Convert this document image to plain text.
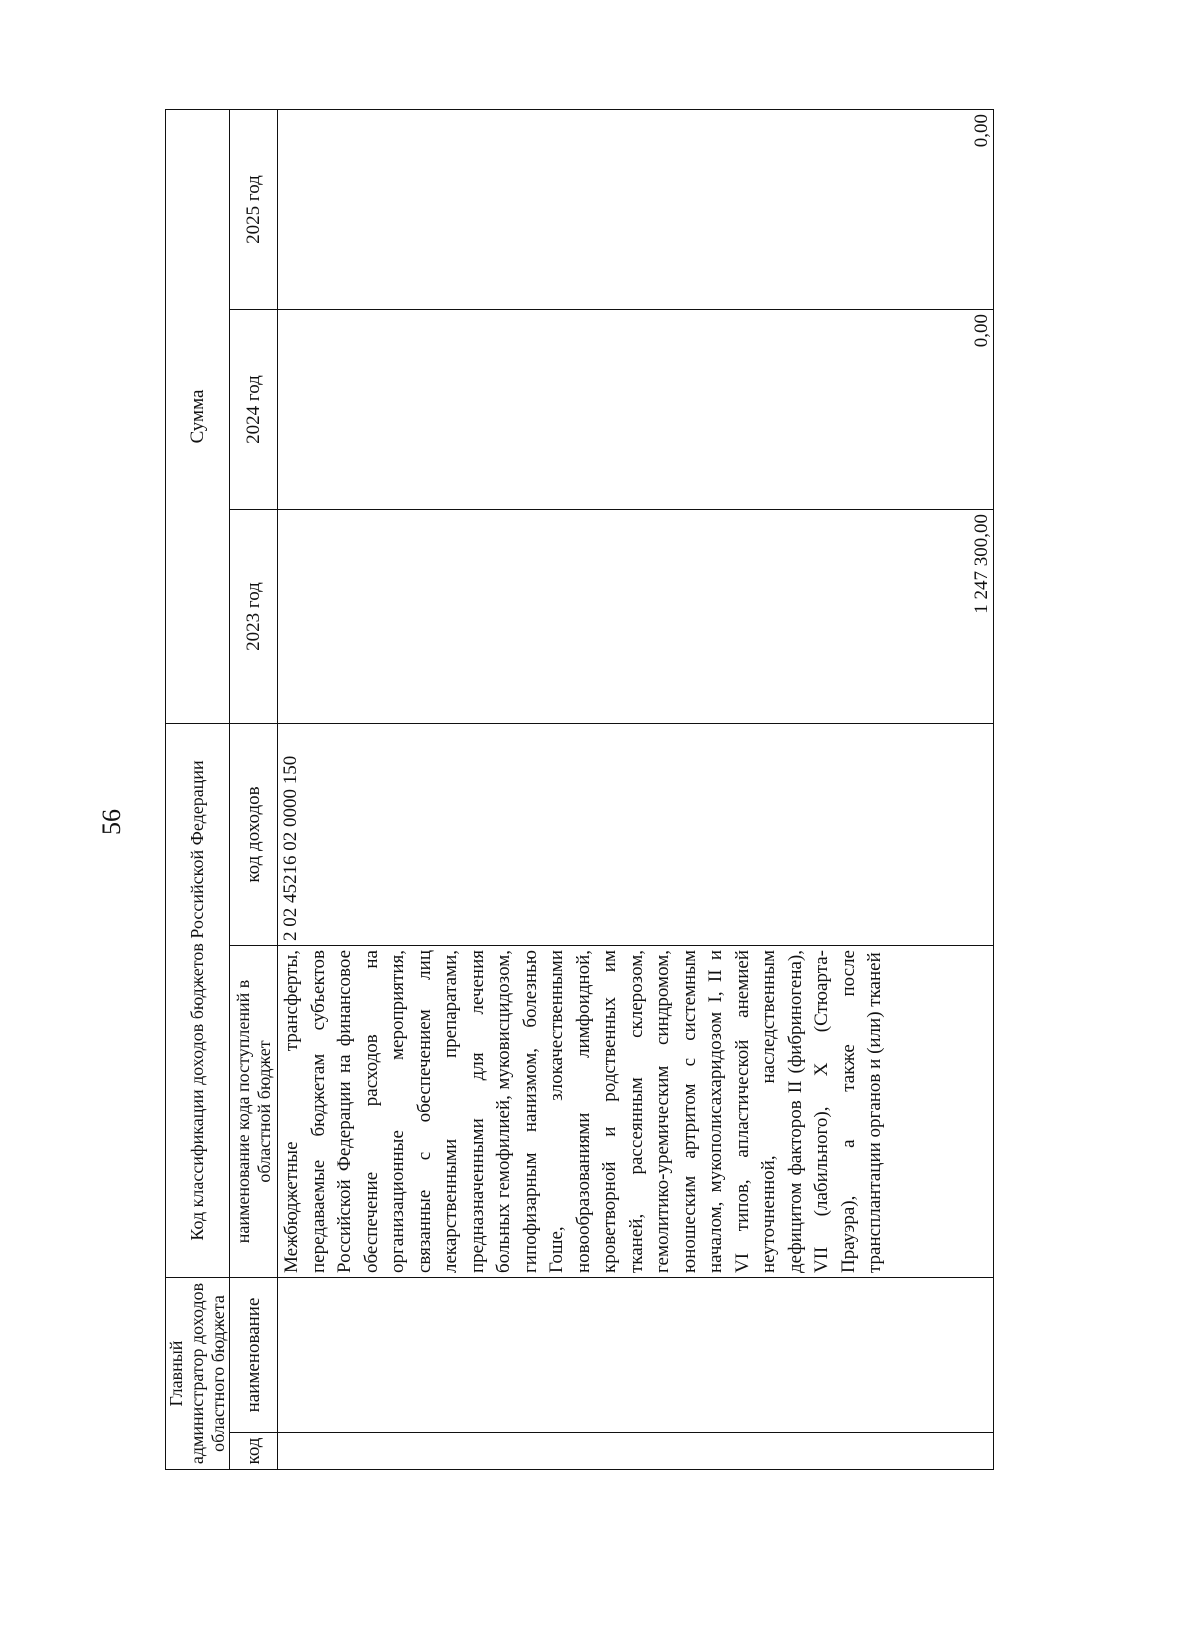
56
Главный администратор доходов областного бюджета		Код классификации доходов бюджетов Российской Федерации		Сумма		
код	наименование	наименование кода поступлений в областной бюджет	код доходов	2023 год	2024 год	2025 год
		Межбюджетные трансферты, передаваемые бюджетам субъектов Российской Федерации на финансовое обеспечение расходов на организационные мероприятия, связанные с обеспечением лиц лекарственными препаратами, предназначенными для лечения больных гемофилией, муковисцидозом, гипофизарным нанизмом, болезнью Гоше, злокачественными новообразованиями лимфоидной, кроветворной и родственных им тканей, рассеянным склерозом, гемолитико-уремическим синдромом, юношеским артритом с системным началом, мукополисахаридозом I, II и VI типов, апластической анемией неуточненной, наследственным дефицитом факторов II (фибриногена), VII (лабильного), X (Стюарта-Прауэра), а также после трансплантации органов и (или) тканей	2 02 45216 02 0000 150	1 247 300,00	0,00	0,00
